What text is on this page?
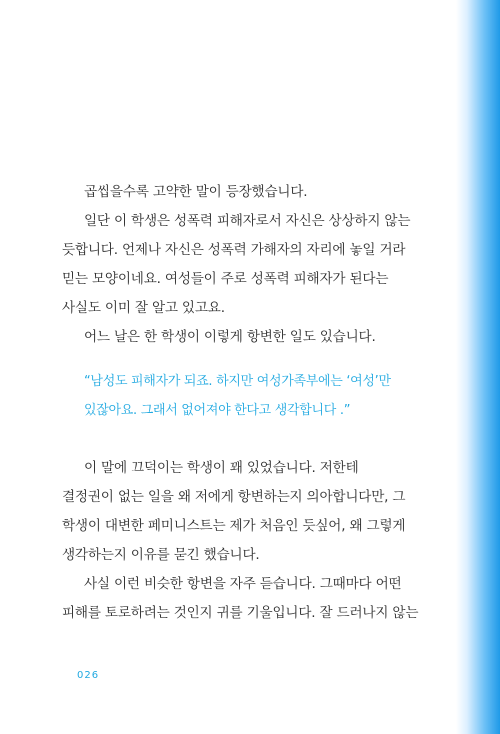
곱씹을수록 고약한 말이 등장했습니다.
일단 이 학생은 성폭력 피해자로서 자신은 상상하지 않는
듯합니다. 언제나 자신은 성폭력 가해자의 자리에 놓일 거라
믿는 모양이네요. 여성들이 주로 성폭력 피해자가 된다는
사실도 이미 잘 알고 있고요.
어느 날은 한 학생이 이렇게 항변한 일도 있습니다.
“남성도 피해자가 되죠. 하지만 여성가족부에는 ‘여성’만
있잖아요. 그래서 없어져야 한다고 생각합니다 .”
이 말에 끄덕이는 학생이 꽤 있었습니다. 저한테
결정권이 없는 일을 왜 저에게 항변하는지 의아합니다만, 그
학생이 대변한 페미니스트는 제가 처음인 듯싶어, 왜 그렇게
생각하는지 이유를 묻긴 했습니다.
사실 이런 비슷한 항변을 자주 듣습니다. 그때마다 어떤
피해를 토로하려는 것인지 귀를 기울입니다. 잘 드러나지 않는
026
